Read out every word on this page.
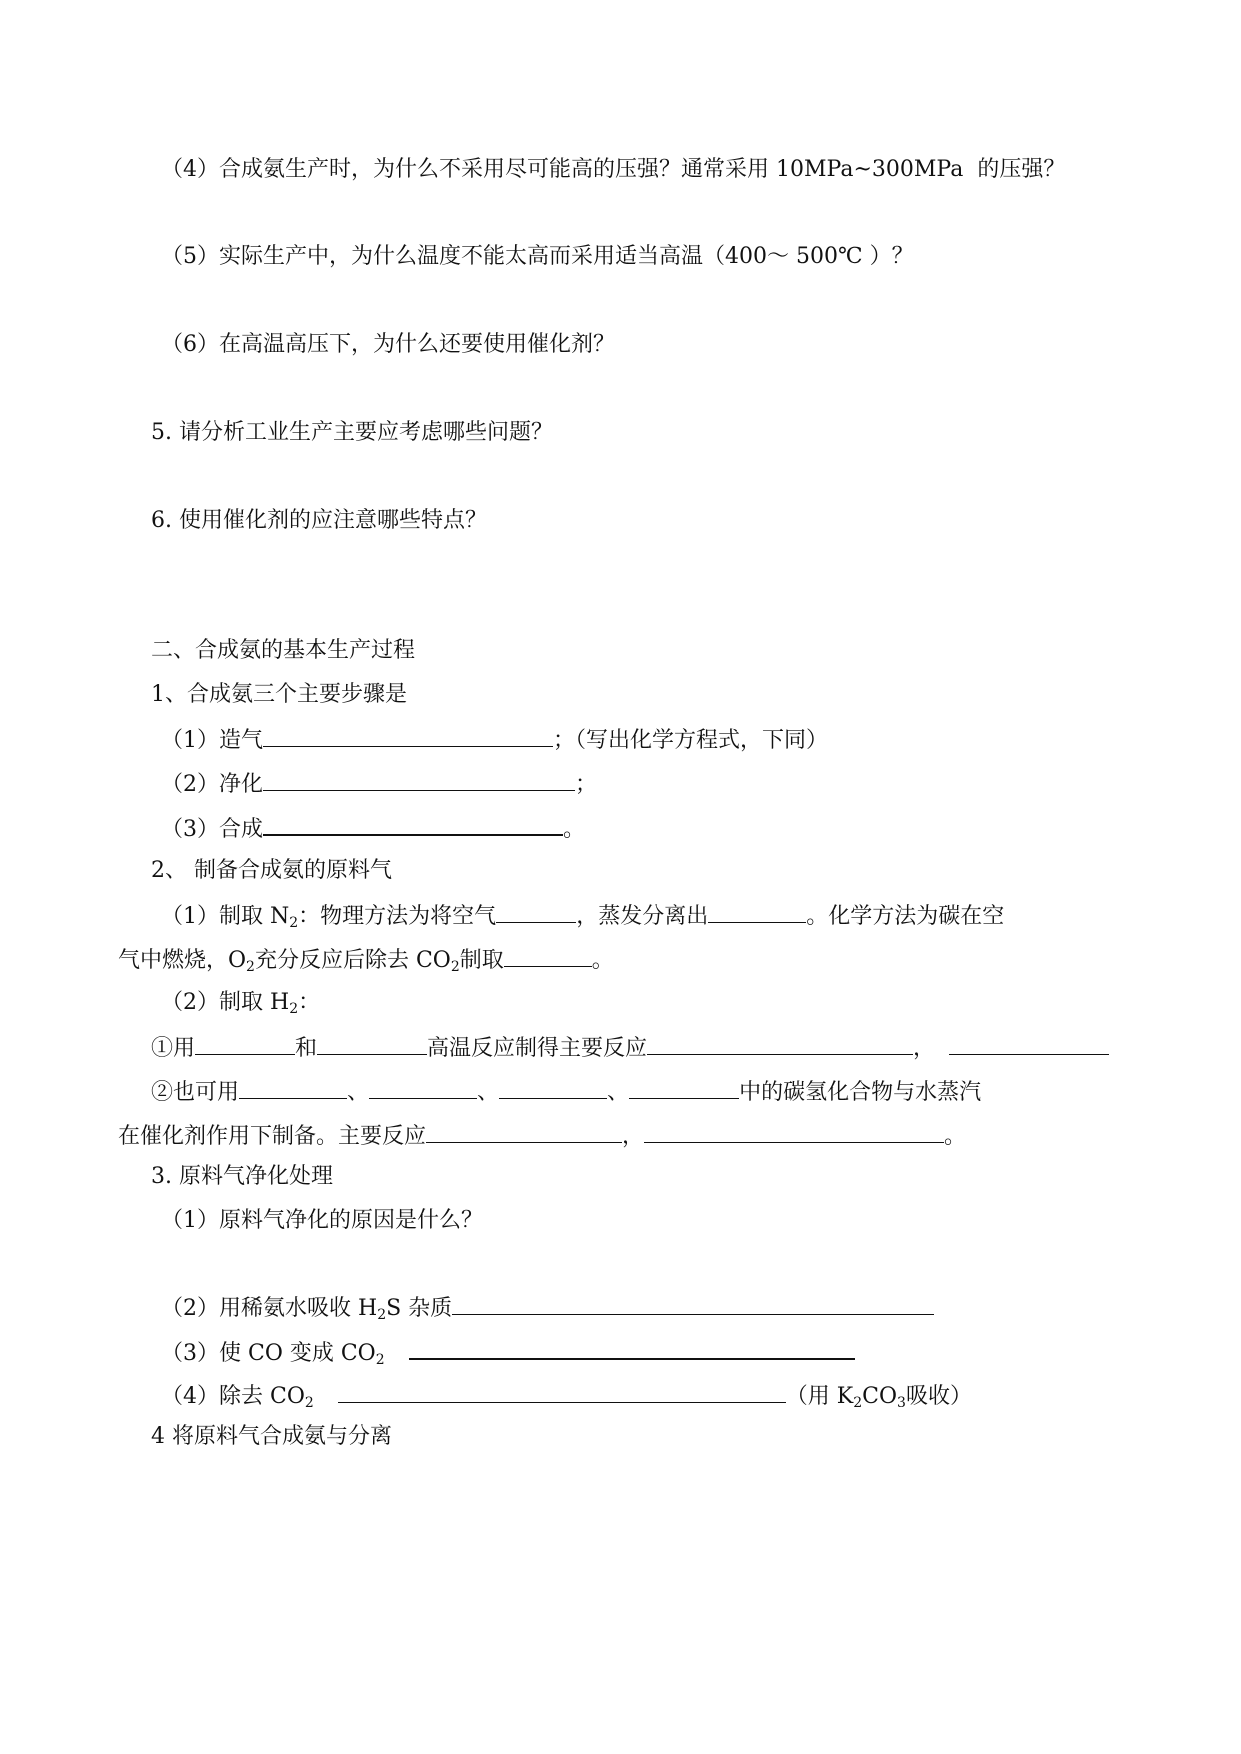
（4）合成氨生产时，为什么不采用尽可能高的压强？通常采用 10MPa~300MPa 的压强？
（5）实际生产中，为什么温度不能太高而采用适当高温（400～ 500℃ ）？
（6）在高温高压下，为什么还要使用催化剂？
5. 请分析工业生产主要应考虑哪些问题？
6. 使用催化剂的应注意哪些特点？
二、合成氨的基本生产过程
1、合成氨三个主要步骤是
（1）造气	；（写出化学方程式，下同）
（2）净化	；
（3）合成	。
2、 制备合成氨的原料气
（1）制取 $N_2$：物理方法为将空气	，蒸发分离出	。化学方法为碳在空
气中燃烧，$O_2$充分反应后除去 $CO_2$制取	。
（2）制取 $H_2$：
①用	和	高温反应制得主要反应	，
②也可用	、	、	、	中的碳氢化合物与水蒸汽
在催化剂作用下制备。主要反应	，	。
3. 原料气净化处理
（1）原料气净化的原因是什么？
（2）用稀氨水吸收 $H_2S$ 杂质
（3）使 CO 变成 $CO_2$
（4）除去 $CO_2$	（用 $K_2CO_3$吸收）
4 将原料气合成氨与分离
